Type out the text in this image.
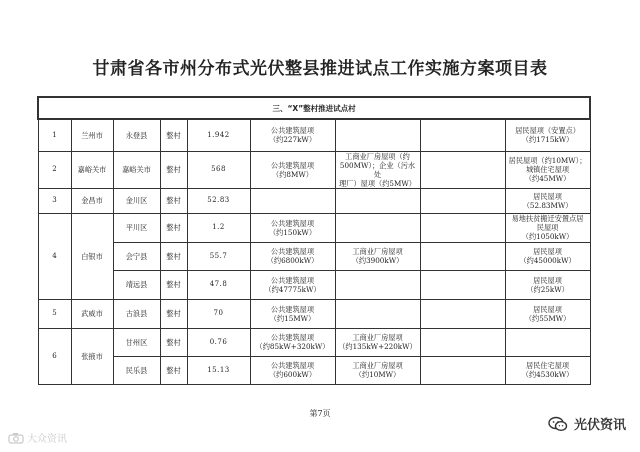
甘肃省各市州分布式光伏整县推进试点工作实施方案项目表
三、“X”整村推进试点村								
1	兰州市	永登县	整村	1.942	公共建筑屋项
（约227kW）			居民屋项（安置点）
（约1715kW）
2	嘉峪关市	嘉峪关市	整村	568	公共建筑屋项
（约8MW）	工商业厂房屋项（约
500MW）；企业（污水处
理厂）屋项（约5MW）		居民屋项（约10MW）；
城镇住宅屋项
（约45MW）
3	金昌市	金川区	整村	52.83				居民屋项
（52.83MW）
4	白银市	平川区	整村	1.2	公共建筑屋项
（约150kW）			易地扶贫搬迁安置点居
民屋项
（约1050kW）
		会宁县	整村	55.7	公共建筑屋项
（约6800kW）	工商业厂房屋项
（约3900kW）		居民屋项
（约45000kW）
		靖远县	整村	47.8	公共建筑屋项
（约47775kW）			居民屋项
（约25kW）
5	武威市	古浪县	整村	70	公共建筑屋项
（约15MW）			居民屋项
（约55MW）
6	张掖市	甘州区	整村	0.76	公共建筑屋项
（约85kW+320kW）	工商业厂房屋项
（约135kW+220kW）		
		民乐县	整村	15.13	公共建筑屋项
（约600kW）	工商业厂房屋项
（约10MW）		居民住宅屋项
（约4530kW）
第7页
大众资讯
光伏资讯
